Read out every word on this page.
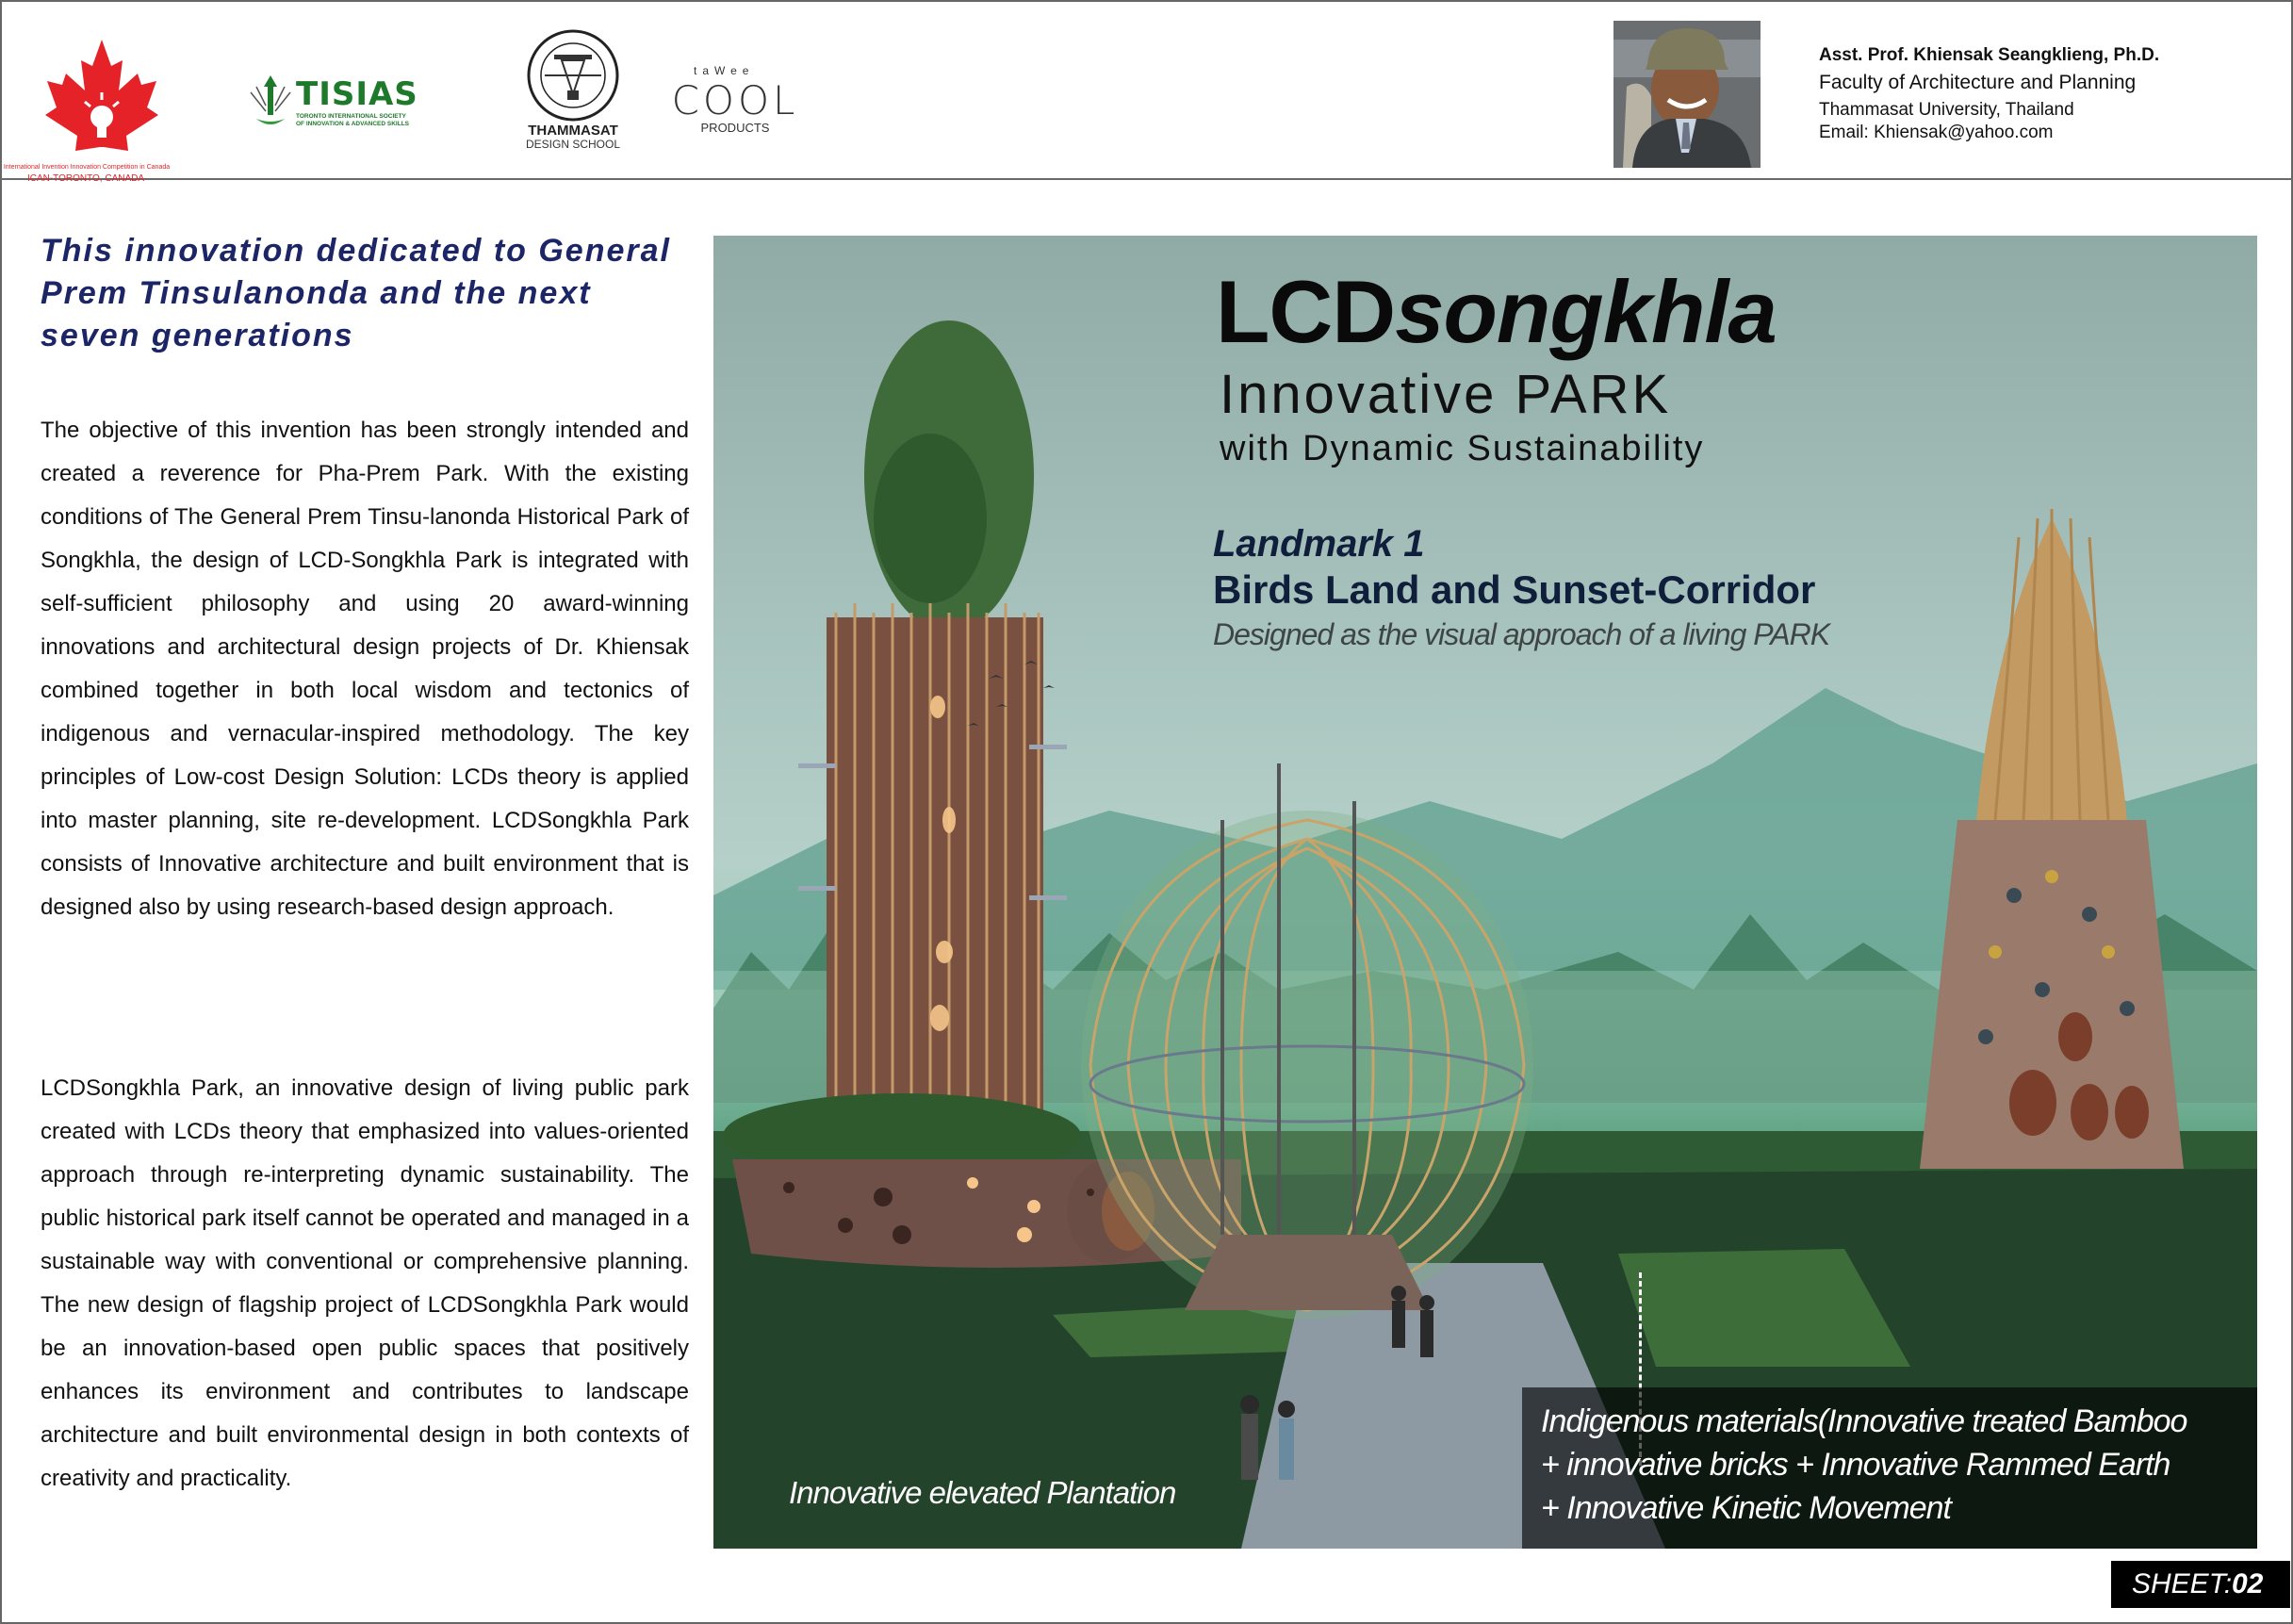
International Invention Innovation Competition in Canada
ICAN-TORONTO, CANADA
TISIAS
TORONTO INTERNATIONAL SOCIETY
OF INNOVATION & ADVANCED SKILLS	THAMMASAT
DESIGN SCHOOL
taWee
COOL
PRODUCTS
Asst. Prof. Khiensak Seangklieng, Ph.D.
Faculty of Architecture and Planning
Thammasat University, Thailand
Email: Khiensak@yahoo.com
This innovation dedicated to General Prem Tinsulanonda and the next seven generations
The objective of this invention has been strongly intended and created a reverence for Pha-Prem Park. With the existing conditions of The General Prem Tinsu-lanonda Historical Park of Songkhla, the design of LCD-Songkhla Park is integrated with self-sufficient philosophy and using 20 award-winning innovations and architectural design projects of Dr. Khiensak combined together in both local wisdom and tectonics of indigenous and vernacular-inspired methodology. The key principles of Low-cost Design Solution: LCDs theory is applied into master planning, site re-development. LCDSongkhla Park consists of Innovative architecture and built environment that is designed also by using research-based design approach.
LCDSongkhla Park, an innovative design of living public park created with LCDs theory that emphasized into values-oriented approach through re-interpreting dynamic sustainability. The public historical park itself cannot be operated and managed in a sustainable way with conventional or comprehensive planning. The new design of flagship project of LCDSongkhla Park would be an innovation-based open public spaces that positively enhances its environment and contributes to landscape architecture and built environmental design in both contexts of creativity and practicality.
LCDsongkhla
Innovative PARK
with Dynamic Sustainability
Landmark 1
Birds Land and Sunset-Corridor
Designed as the visual approach of a living PARK
Innovative elevated Plantation
Indigenous materials(Innovative treated Bamboo
+ innovative bricks + Innovative Rammed Earth
+ Innovative Kinetic Movement
SHEET: 02
